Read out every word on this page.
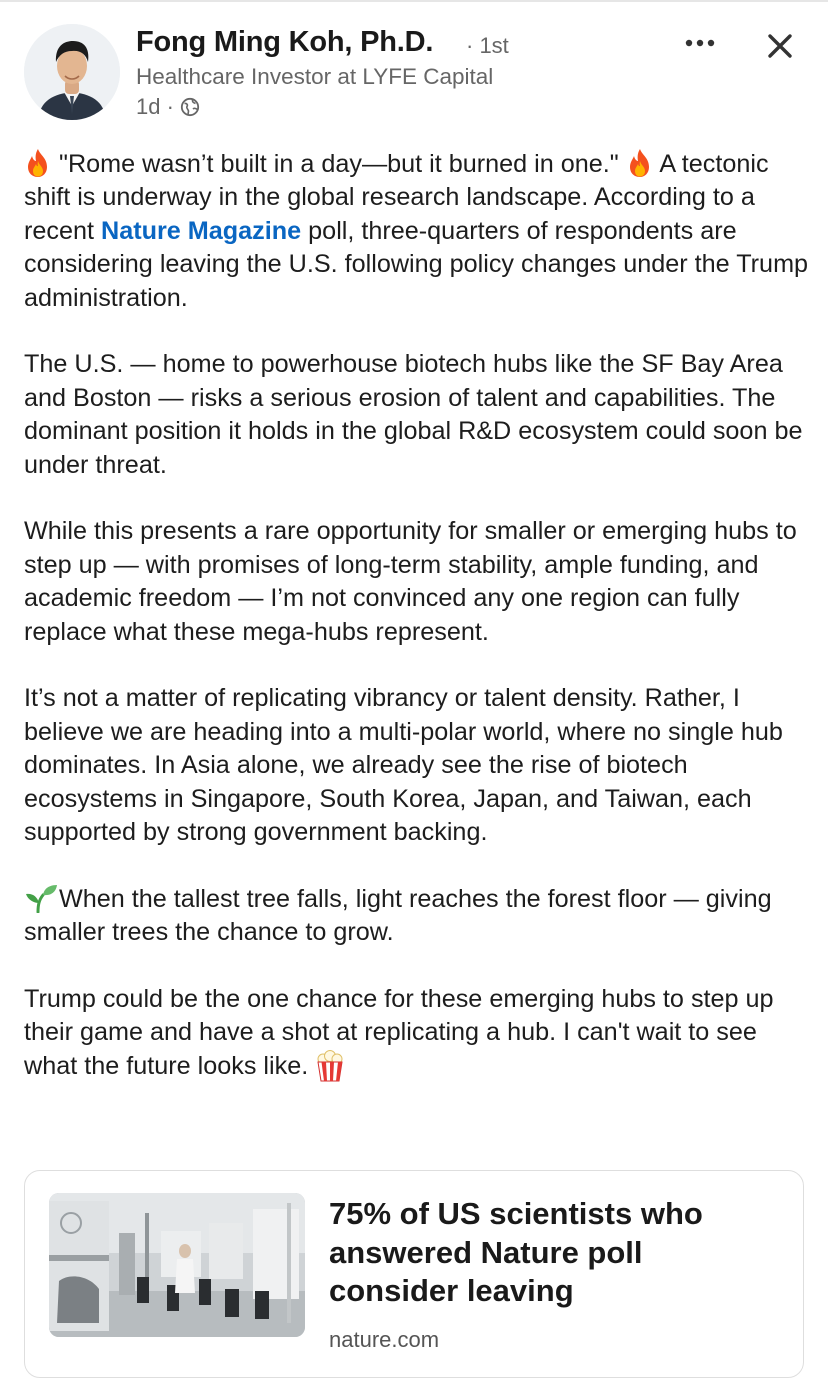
Fong Ming Koh, Ph.D. · 1st
Healthcare Investor at LYFE Capital
1d ·

"Rome wasn’t built in a day—but it burned in one." A tectonic shift is underway in the global research landscape. According to a recent Nature Magazine poll, three-quarters of respondents are considering leaving the U.S. following policy changes under the Trump administration.

The U.S. — home to powerhouse biotech hubs like the SF Bay Area and Boston — risks a serious erosion of talent and capabilities. The dominant position it holds in the global R&D ecosystem could soon be under threat.

While this presents a rare opportunity for smaller or emerging hubs to step up — with promises of long-term stability, ample funding, and academic freedom — I’m not convinced any one region can fully replace what these mega-hubs represent.

It’s not a matter of replicating vibrancy or talent density. Rather, I believe we are heading into a multi-polar world, where no single hub dominates. In Asia alone, we already see the rise of biotech ecosystems in Singapore, South Korea, Japan, and Taiwan, each supported by strong government backing.

When the tallest tree falls, light reaches the forest floor — giving smaller trees the chance to grow.

Trump could be the one chance for these emerging hubs to step up their game and have a shot at replicating a hub. I can't wait to see what the future looks like.

75% of US scientists who answered Nature poll consider leaving
nature.com
